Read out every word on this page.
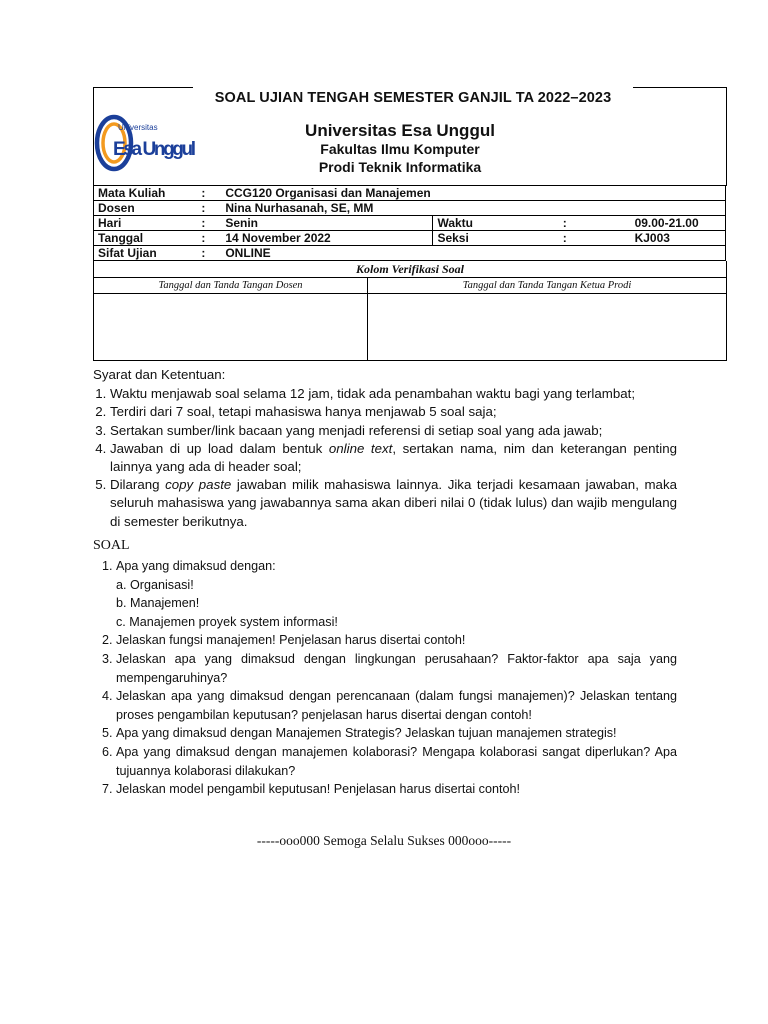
SOAL UJIAN TENGAH SEMESTER GANJIL TA 2022–2023
Universitas
Esa Unggul
Universitas Esa Unggul
Fakultas Ilmu Komputer
Prodi Teknik Informatika
Mata Kuliah	:	CCG120 Organisasi dan Manajemen			
Dosen	:	Nina Nurhasanah, SE, MM			
Hari	:	Senin	Waktu	:	09.00-21.00
Tanggal	:	14 November 2022	Seksi	:	KJ003
Sifat Ujian	:	ONLINE			
Kolom Verifikasi Soal
Tanggal dan Tanda Tangan Dosen	Tanggal dan Tanda Tangan Ketua Prodi
Syarat dan Ketentuan:
1. Waktu menjawab soal selama 12 jam, tidak ada penambahan waktu bagi yang terlambat;
2. Terdiri dari 7 soal, tetapi mahasiswa hanya menjawab 5 soal saja;
3. Sertakan sumber/link bacaan yang menjadi referensi di setiap soal yang ada jawab;
4. Jawaban di up load dalam bentuk online text, sertakan nama, nim dan keterangan penting lainnya yang ada di header soal;
5. Dilarang copy paste jawaban milik mahasiswa lainnya. Jika terjadi kesamaan jawaban, maka seluruh mahasiswa yang jawabannya sama akan diberi nilai 0 (tidak lulus) dan wajib mengulang di semester berikutnya.
SOAL
1. Apa yang dimaksud dengan:
a. Organisasi!
b. Manajemen!
c. Manajemen proyek system informasi!
2. Jelaskan fungsi manajemen! Penjelasan harus disertai contoh!
3. Jelaskan apa yang dimaksud dengan lingkungan perusahaan? Faktor-faktor apa saja yang mempengaruhinya?
4. Jelaskan apa yang dimaksud dengan perencanaan (dalam fungsi manajemen)? Jelaskan tentang proses pengambilan keputusan? penjelasan harus disertai dengan contoh!
5. Apa yang dimaksud dengan Manajemen Strategis? Jelaskan tujuan manajemen strategis!
6. Apa yang dimaksud dengan manajemen kolaborasi? Mengapa kolaborasi sangat diperlukan? Apa tujuannya kolaborasi dilakukan?
7. Jelaskan model pengambil keputusan! Penjelasan harus disertai contoh!
-----ooo000 Semoga Selalu Sukses 000ooo-----
